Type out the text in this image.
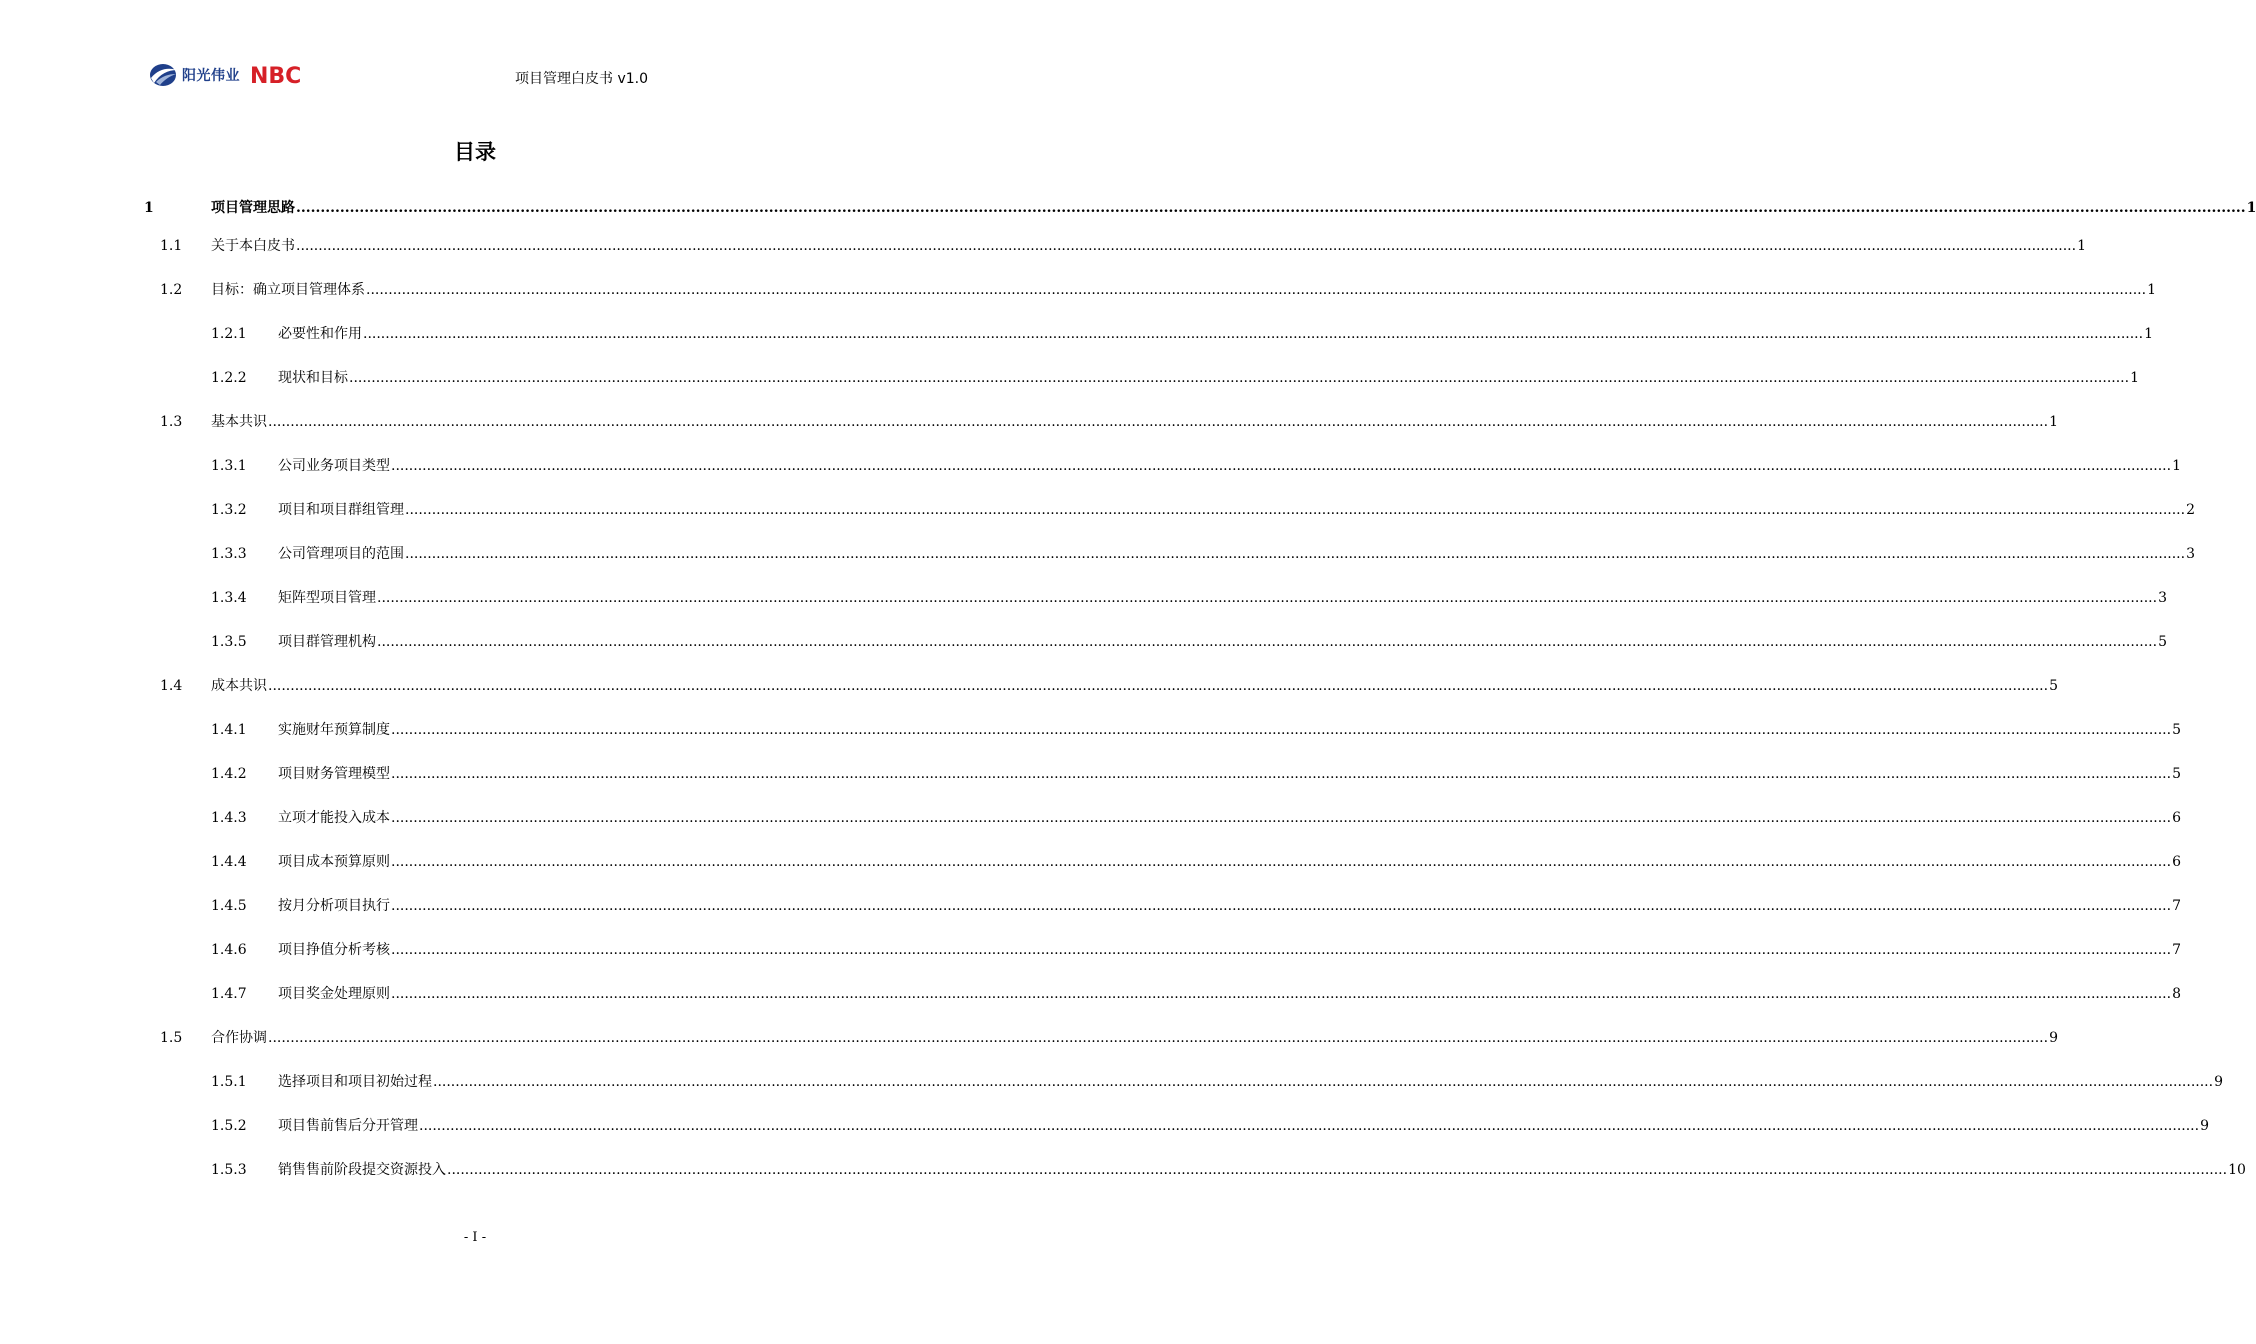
阳光伟业 NBC	项目管理白皮书 v1.0
目录
1	项目管理思路 ................................................................................................................................................................................................................................................................................................................................................................................................................ 1
1.1 关于本白皮书 ................................................................................................................................................................................................................................................................................................................................................................................................................ 1
1.2 目标：确立项目管理体系 ................................................................................................................................................................................................................................................................................................................................................................................................................ 1
1.2.1 必要性和作用 ................................................................................................................................................................................................................................................................................................................................................................................................................ 1
1.2.2 现状和目标 ................................................................................................................................................................................................................................................................................................................................................................................................................ 1
1.3 基本共识 ................................................................................................................................................................................................................................................................................................................................................................................................................ 1
1.3.1 公司业务项目类型 ................................................................................................................................................................................................................................................................................................................................................................................................................ 1
1.3.2 项目和项目群组管理 ................................................................................................................................................................................................................................................................................................................................................................................................................ 2
1.3.3 公司管理项目的范围 ................................................................................................................................................................................................................................................................................................................................................................................................................ 3
1.3.4 矩阵型项目管理 ................................................................................................................................................................................................................................................................................................................................................................................................................ 3
1.3.5 项目群管理机构 ................................................................................................................................................................................................................................................................................................................................................................................................................ 5
1.4 成本共识 ................................................................................................................................................................................................................................................................................................................................................................................................................ 5
1.4.1 实施财年预算制度 ................................................................................................................................................................................................................................................................................................................................................................................................................ 5
1.4.2 项目财务管理模型 ................................................................................................................................................................................................................................................................................................................................................................................................................ 5
1.4.3 立项才能投入成本 ................................................................................................................................................................................................................................................................................................................................................................................................................ 6
1.4.4 项目成本预算原则 ................................................................................................................................................................................................................................................................................................................................................................................................................ 6
1.4.5 按月分析项目执行 ................................................................................................................................................................................................................................................................................................................................................................................................................ 7
1.4.6 项目挣值分析考核 ................................................................................................................................................................................................................................................................................................................................................................................................................ 7
1.4.7 项目奖金处理原则 ................................................................................................................................................................................................................................................................................................................................................................................................................ 8
1.5 合作协调 ................................................................................................................................................................................................................................................................................................................................................................................................................ 9
1.5.1 选择项目和项目初始过程 ................................................................................................................................................................................................................................................................................................................................................................................................................ 9
1.5.2 项目售前售后分开管理 ................................................................................................................................................................................................................................................................................................................................................................................................................ 9
1.5.3 销售售前阶段提交资源投入 ................................................................................................................................................................................................................................................................................................................................................................................................................ 10
- I -
